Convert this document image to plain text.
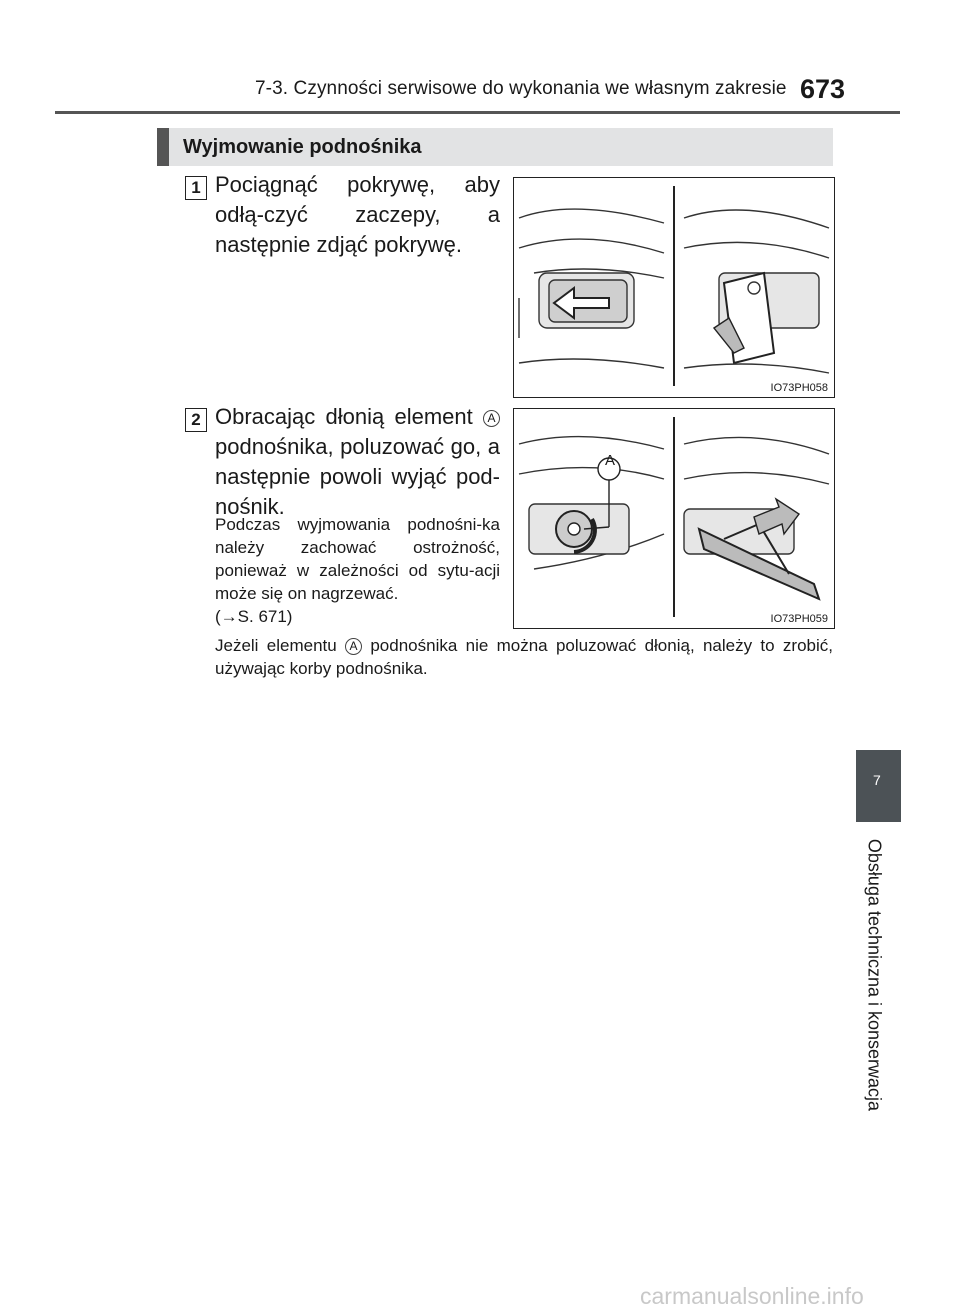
7-3. Czynności serwisowe do wykonania we własnym zakresie 673
Wyjmowanie podnośnika
1 Pociągnąć pokrywę, aby odłą-czyć zaczepy, a następnie zdjąć pokrywę.
IO73PH058
2 Obracając dłonią element A podnośnika, poluzować go, a następnie powoli wyjąć pod-nośnik.
Podczas wyjmowania podnośni-ka należy zachować ostrożność, ponieważ w zależności od sytu-acji może się on nagrzewać.
(→S. 671)
A
IO73PH059
Jeżeli elementu A podnośnika nie można poluzować dłonią, należy to zrobić, używając korby podnośnika.
7
Obsługa techniczna i konserwacja
carmanualsonline.info
